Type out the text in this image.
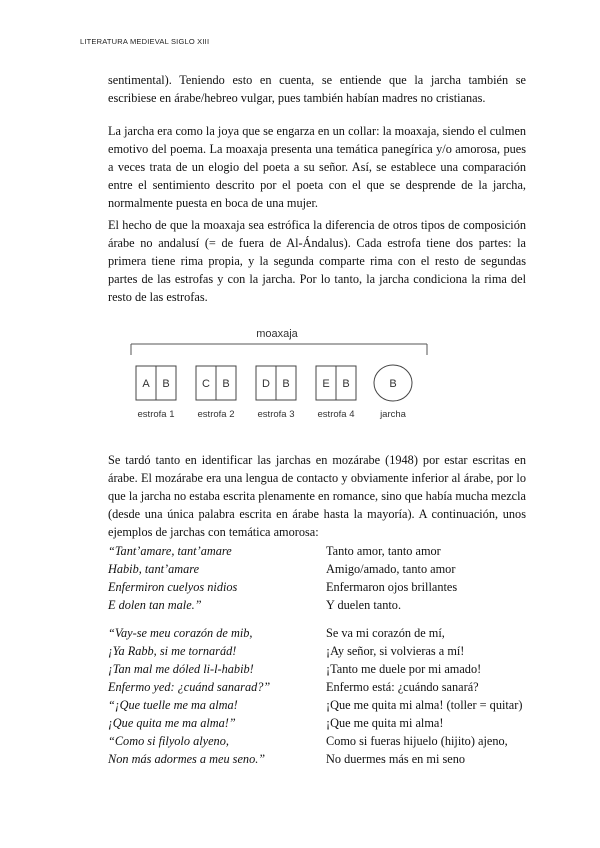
LITERATURA MEDIEVAL SIGLO XIII

sentimental). Teniendo esto en cuenta, se entiende que la jarcha también se escribiese en árabe/hebreo vulgar, pues también habían madres no cristianas.

La jarcha era como la joya que se engarza en un collar: la moaxaja, siendo el culmen emotivo del poema. La moaxaja presenta una temática panegírica y/o amorosa, pues a veces trata de un elogio del poeta a su señor. Así, se establece una comparación entre el sentimiento descrito por el poeta con el que se desprende de la jarcha, normalmente puesta en boca de una mujer.

El hecho de que la moaxaja sea estrófica la diferencia de otros tipos de composición árabe no andalusí (= de fuera de Al-Ándalus). Cada estrofa tiene dos partes: la primera tiene rima propia, y la segunda comparte rima con el resto de segundas partes de las estrofas y con la jarcha. Por lo tanto, la jarcha condiciona la rima del resto de las estrofas.

moaxaja
A B
estrofa 1
C B
estrofa 2
D B
estrofa 3
E B
estrofa 4
B
jarcha

Se tardó tanto en identificar las jarchas en mozárabe (1948) por estar escritas en árabe. El mozárabe era una lengua de contacto y obviamente inferior al árabe, por lo que la jarcha no estaba escrita plenamente en romance, sino que había mucha mezcla (desde una única palabra escrita en árabe hasta la mayoría). A continuación, unos ejemplos de jarchas con temática amorosa:

“Tant’amare, tant’amare	Tanto amor, tanto amor
Habib, tant’amare	Amigo/amado, tanto amor
Enfermiron cuelyos nidios	Enfermaron ojos brillantes
E dolen tan male.”	Y duelen tanto.
“Vay-se meu corazón de mib,	Se va mi corazón de mí,
¡Ya Rabb, si me tornarád!	¡Ay señor, si volvieras a mí!
¡Tan mal me dóled li-l-habib!	¡Tanto me duele por mi amado!
Enfermo yed: ¿cuánd sanarad?”	Enfermo está: ¿cuándo sanará?
“¡Que tuelle me ma alma!	¡Que me quita mi alma! (toller = quitar)
¡Que quita me ma alma!”	¡Que me quita mi alma!
“Como si filyolo alyeno,	Como si fueras hijuelo (hijito) ajeno,
Non más adormes a meu seno.”	No duermes más en mi seno
